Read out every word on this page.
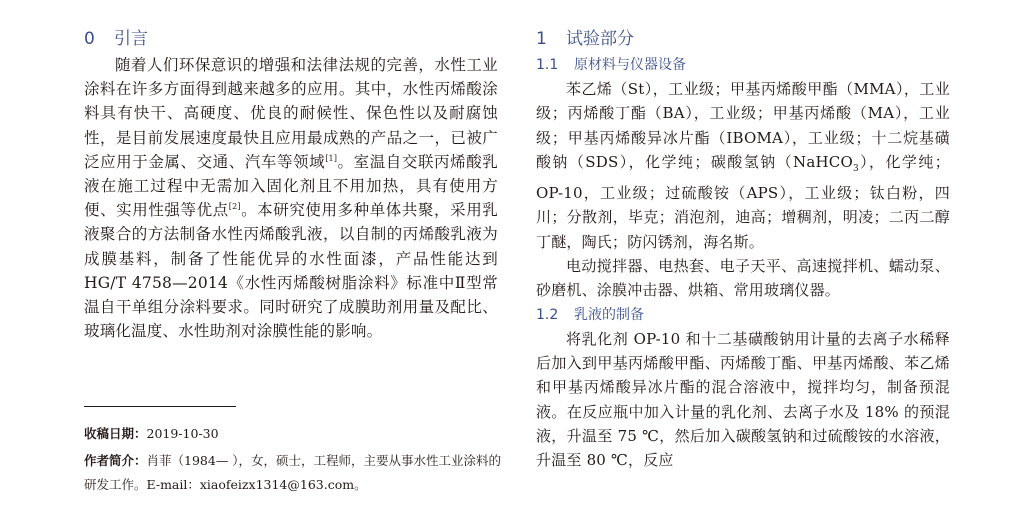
0 引言

随着人们环保意识的增强和法律法规的完善，水性工业涂料在许多方面得到越来越多的应用。其中，水性丙烯酸涂料具有快干、高硬度、优良的耐候性、保色性以及耐腐蚀性，是目前发展速度最快且应用最成熟的产品之一，已被广泛应用于金属、交通、汽车等领域[1]。室温自交联丙烯酸乳液在施工过程中无需加入固化剂且不用加热，具有使用方便、实用性强等优点[2]。本研究使用多种单体共聚，采用乳液聚合的方法制备水性丙烯酸乳液，以自制的丙烯酸乳液为成膜基料，制备了性能优异的水性面漆，产品性能达到 HG/T 4758—2014《水性丙烯酸树脂涂料》标准中Ⅱ型常温自干单组分涂料要求。同时研究了成膜助剂用量及配比、玻璃化温度、水性助剂对涂膜性能的影响。

收稿日期：2019-10-30

作者简介：肖菲（1984— ），女，硕士，工程师，主要从事水性工业涂料的研发工作。E-mail：xiaofeizx1314@163.com。

1 试验部分

1.1 原材料与仪器设备

苯乙烯（St），工业级；甲基丙烯酸甲酯（MMA），工业级；丙烯酸丁酯（BA），工业级；甲基丙烯酸（MA），工业级；甲基丙烯酸异冰片酯（IBOMA），工业级；十二烷基磺酸钠（SDS），化学纯；碳酸氢钠（NaHCO$_3$），化学纯；OP-10，工业级；过硫酸铵（APS），工业级；钛白粉，四川；分散剂，毕克；消泡剂，迪高；增稠剂，明凌；二丙二醇丁醚，陶氏；防闪锈剂，海名斯。

电动搅拌器、电热套、电子天平、高速搅拌机、蠕动泵、砂磨机、涂膜冲击器、烘箱、常用玻璃仪器。

1.2 乳液的制备

将乳化剂 OP-10 和十二基磺酸钠用计量的去离子水稀释后加入到甲基丙烯酸甲酯、丙烯酸丁酯、甲基丙烯酸、苯乙烯和甲基丙烯酸异冰片酯的混合溶液中，搅拌均匀，制备预混液。在反应瓶中加入计量的乳化剂、去离子水及 18% 的预混液，升温至 75 ℃，然后加入碳酸氢钠和过硫酸铵的水溶液，升温至 80 ℃，反应
